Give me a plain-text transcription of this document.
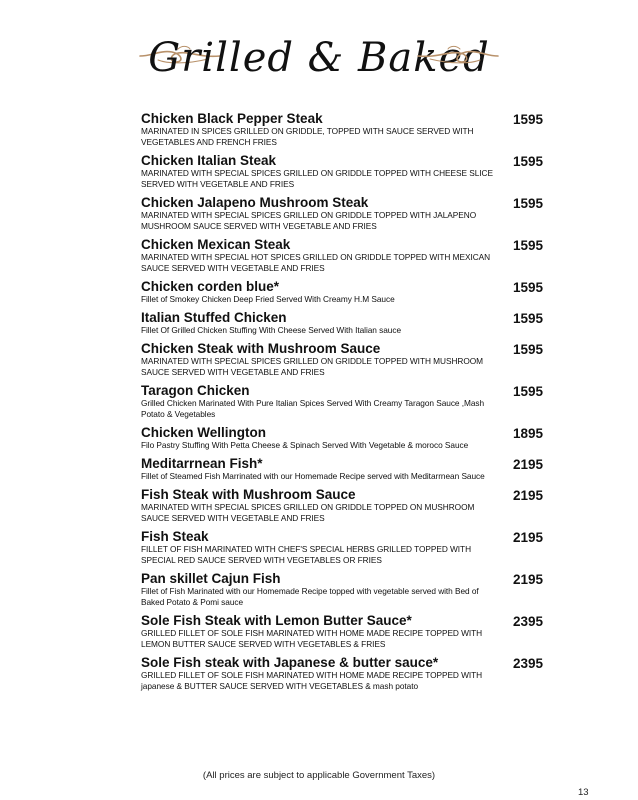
Grilled & Baked
Chicken Black Pepper Steak	1595
MARINATED IN SPICES GRILLED ON GRIDDLE, TOPPED WITH SAUCE SERVED WITH VEGETABLES AND FRENCH FRIES
Chicken Italian Steak	1595
MARINATED WITH SPECIAL SPICES GRILLED ON GRIDDLE TOPPED WITH CHEESE SLICE SERVED WITH VEGETABLE AND FRIES
Chicken Jalapeno Mushroom Steak	1595
MARINATED WITH SPECIAL SPICES GRILLED ON GRIDDLE TOPPED WITH JALAPENO MUSHROOM SAUCE SERVED WITH VEGETABLE AND FRIES
Chicken Mexican Steak	1595
MARINATED WITH SPECIAL HOT SPICES GRILLED ON GRIDDLE TOPPED WITH MEXICAN SAUCE SERVED WITH VEGETABLE AND FRIES
Chicken corden blue*	1595
Fillet of Smokey Chicken Deep Fried Served With Creamy H.M Sauce
Italian Stuffed Chicken	1595
Fillet Of Grilled Chicken Stuffing With Cheese Served With Italian sauce
Chicken Steak with Mushroom Sauce	1595
MARINATED WITH SPECIAL SPICES GRILLED ON GRIDDLE TOPPED WITH MUSHROOM SAUCE SERVED WITH VEGETABLE AND FRIES
Taragon Chicken	1595
Grilled Chicken Marinated With Pure Italian Spices Served With Creamy Taragon Sauce ,Mash Potato & Vegetables
Chicken Wellington	1895
Filo Pastry Stuffing With Petta Cheese & Spinach Served With Vegetable & moroco Sauce
Meditarrnean Fish*	2195
Fillet of Steamed Fish Marrinated with our Homemade Recipe served with Meditarrnean Sauce
Fish Steak with Mushroom Sauce	2195
MARINATED WITH SPECIAL SPICES GRILLED ON GRIDDLE TOPPED ON MUSHROOM SAUCE SERVED WITH VEGETABLE AND FRIES
Fish Steak	2195
FILLET OF FISH MARINATED WITH CHEF'S SPECIAL HERBS GRILLED TOPPED WITH SPECIAL RED SAUCE SERVED WITH VEGETABLES OR FRIES
Pan skillet Cajun Fish	2195
Fillet of Fish Marinated with our Homemade Recipe topped with vegetable served with Bed of Baked Potato & Pomi sauce
Sole Fish Steak with Lemon Butter Sauce*	2395
GRILLED FILLET OF SOLE FISH MARINATED WITH HOME MADE RECIPE TOPPED WITH LEMON BUTTER SAUCE SERVED WITH VEGETABLES & FRIES
Sole Fish steak with Japanese & butter sauce*	2395
GRILLED FILLET OF SOLE FISH MARINATED WITH HOME MADE RECIPE TOPPED WITH japanese & BUTTER SAUCE SERVED WITH VEGETABLES & mash potato
(All prices are subject to applicable Government Taxes)
13
